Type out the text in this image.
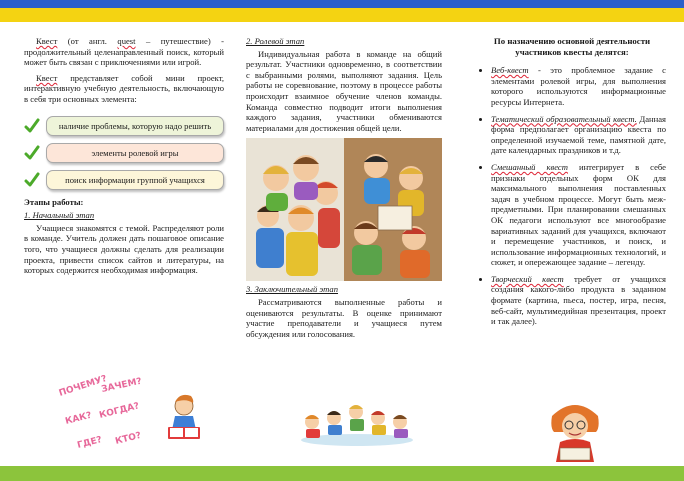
Квест (от англ. quest – путешествие) - продолжительный целенаправленный поиск, который может быть связан с приключениями или игрой.

Квест представляет собой мини проект, интерактивную учебную деятельность, включающую в себя три основных элемента:

наличие проблемы, которую надо решить
элементы ролевой игры
поиск информации группой учащихся

Этапы работы:

1. Начальный этап

Учащиеся знакомятся с темой. Распределяют роли в команде. Учитель должен дать пошаговое описание того, что учащиеся должны сделать для реализации проекта, привести список сайтов и литературы, на которых содержится необходимая информация.

ПОЧЕМУ?
ЗАЧЕМ?
КАК? КОГДА?
ГДЕ? КТО?

2. Ролевой этап

Индивидуальная работа в команде на общий результат. Участники одновременно, в соответствии с выбранными ролями, выполняют задания. Цель работы не соревнование, поэтому в процессе работы происходит взаимное обучение членов команды. Команда совместно подводит итоги выполнения каждого задания, участники обмениваются материалами для достижения общей цели.

3. Заключительный этап

Рассматриваются выполненные работы и оцениваются результаты. В оценке принимают участие преподаватели и учащиеся путем обсуждения или голосования.

По назначению основной деятельности участников квесты делятся:

• Веб-квест - это проблемное задание с элементами ролевой игры, для выполнения которого используются информационные ресурсы Интернета.
• Тематический образовательный квест. Данная форма предполагает организацию квеста по определенной изучаемой теме, памятной дате, дате календарных праздников и т.д.
• Смешанный квест интегрирует в себе признаки отдельных форм ОК для максимального выполнения поставленных задач в учебном процессе. Могут быть меж-предметными. При планировании смешанных ОК педагоги используют все многообразие вариативных заданий для учащихся, включают и перемещение участников, и поиск, и использование информационных технологий, и сюжет, и опережающее задание – легенду.
• Творческий квест требует от учащихся создания какого-либо продукта в заданном формате (картина, пьеса, постер, игра, песня, веб-сайт, мультимедийная презентация, проект и так далее).
